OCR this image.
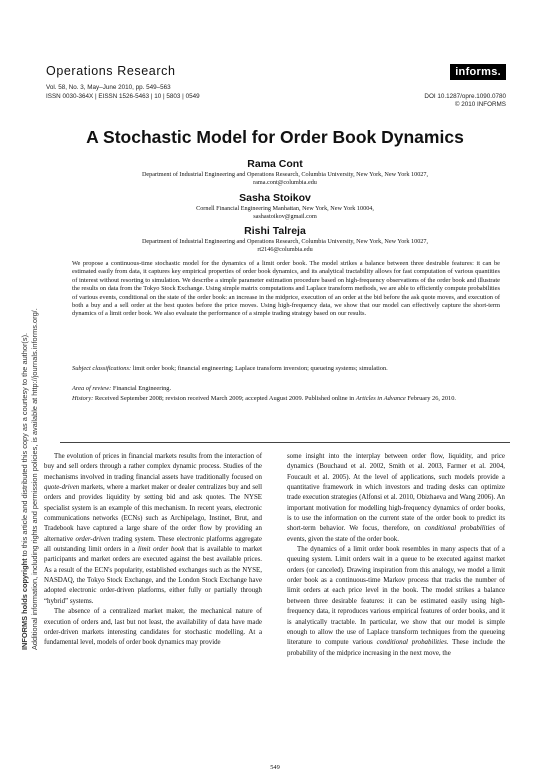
Operations Research
Vol. 58, No. 3, May–June 2010, pp. 549–563
ISSN 0030-364X | EISSN 1526-5463 | 10 | 5803 | 0549
informs.
DOI 10.1287/opre.1090.0780
© 2010 INFORMS
A Stochastic Model for Order Book Dynamics
Rama Cont
Department of Industrial Engineering and Operations Research, Columbia University, New York, New York 10027,
rama.cont@columbia.edu
Sasha Stoikov
Cornell Financial Engineering Manhattan, New York, New York 10004,
sashastoikov@gmail.com
Rishi Talreja
Department of Industrial Engineering and Operations Research, Columbia University, New York, New York 10027,
rt2146@columbia.edu
We propose a continuous-time stochastic model for the dynamics of a limit order book. The model strikes a balance between three desirable features: it can be estimated easily from data, it captures key empirical properties of order book dynamics, and its analytical tractability allows for fast computation of various quantities of interest without resorting to simulation. We describe a simple parameter estimation procedure based on high-frequency observations of the order book and illustrate the results on data from the Tokyo Stock Exchange. Using simple matrix computations and Laplace transform methods, we are able to efficiently compute probabilities of various events, conditional on the state of the order book: an increase in the midprice, execution of an order at the bid before the ask quote moves, and execution of both a buy and a sell order at the best quotes before the price moves. Using high-frequency data, we show that our model can effectively capture the short-term dynamics of a limit order book. We also evaluate the performance of a simple trading strategy based on our results.
Subject classifications: limit order book; financial engineering; Laplace transform inversion; queueing systems; simulation.
Area of review: Financial Engineering.
History: Received September 2008; revision received March 2009; accepted August 2009. Published online in Articles in Advance February 26, 2010.

The evolution of prices in financial markets results from the interaction of buy and sell orders through a rather complex dynamic process. Studies of the mechanisms involved in trading financial assets have traditionally focused on quote-driven markets, where a market maker or dealer centralizes buy and sell orders and provides liquidity by setting bid and ask quotes. The NYSE specialist system is an example of this mechanism. In recent years, electronic communications networks (ECNs) such as Archipelago, Instinet, Brut, and Tradebook have captured a large share of the order flow by providing an alternative order-driven trading system. These electronic platforms aggregate all outstanding limit orders in a limit order book that is available to market participants and market orders are executed against the best available prices. As a result of the ECN's popularity, established exchanges such as the NYSE, NASDAQ, the Tokyo Stock Exchange, and the London Stock Exchange have adopted electronic order-driven platforms, either fully or partially through “hybrid” systems.

The absence of a centralized market maker, the mechanical nature of execution of orders and, last but not least, the availability of data have made order-driven markets interesting candidates for stochastic modelling. At a fundamental level, models of order book dynamics may provide

some insight into the interplay between order flow, liquidity, and price dynamics (Bouchaud et al. 2002, Smith et al. 2003, Farmer et al. 2004, Foucault et al. 2005). At the level of applications, such models provide a quantitative framework in which investors and trading desks can optimize trade execution strategies (Alfonsi et al. 2010, Obizhaeva and Wang 2006). An important motivation for modelling high-frequency dynamics of order books, is to use the information on the current state of the order book to predict its short-term behavior. We focus, therefore, on conditional probabilities of events, given the state of the order book.

The dynamics of a limit order book resembles in many aspects that of a queuing system. Limit orders wait in a queue to be executed against market orders (or canceled). Drawing inspiration from this analogy, we model a limit order book as a continuous-time Markov process that tracks the number of limit orders at each price level in the book. The model strikes a balance between three desirable features: it can be estimated easily using high-frequency data, it reproduces various empirical features of order books, and it is analytically tractable. In particular, we show that our model is simple enough to allow the use of Laplace transform techniques from the queueing literature to compute various conditional probabilities. These include the probability of the midprice increasing in the next move, the

549
INFORMS holds copyright to this article and distributed this copy as a courtesy to the author(s). Additional information, including rights and permission policies, is available at http://journals.informs.org/.
